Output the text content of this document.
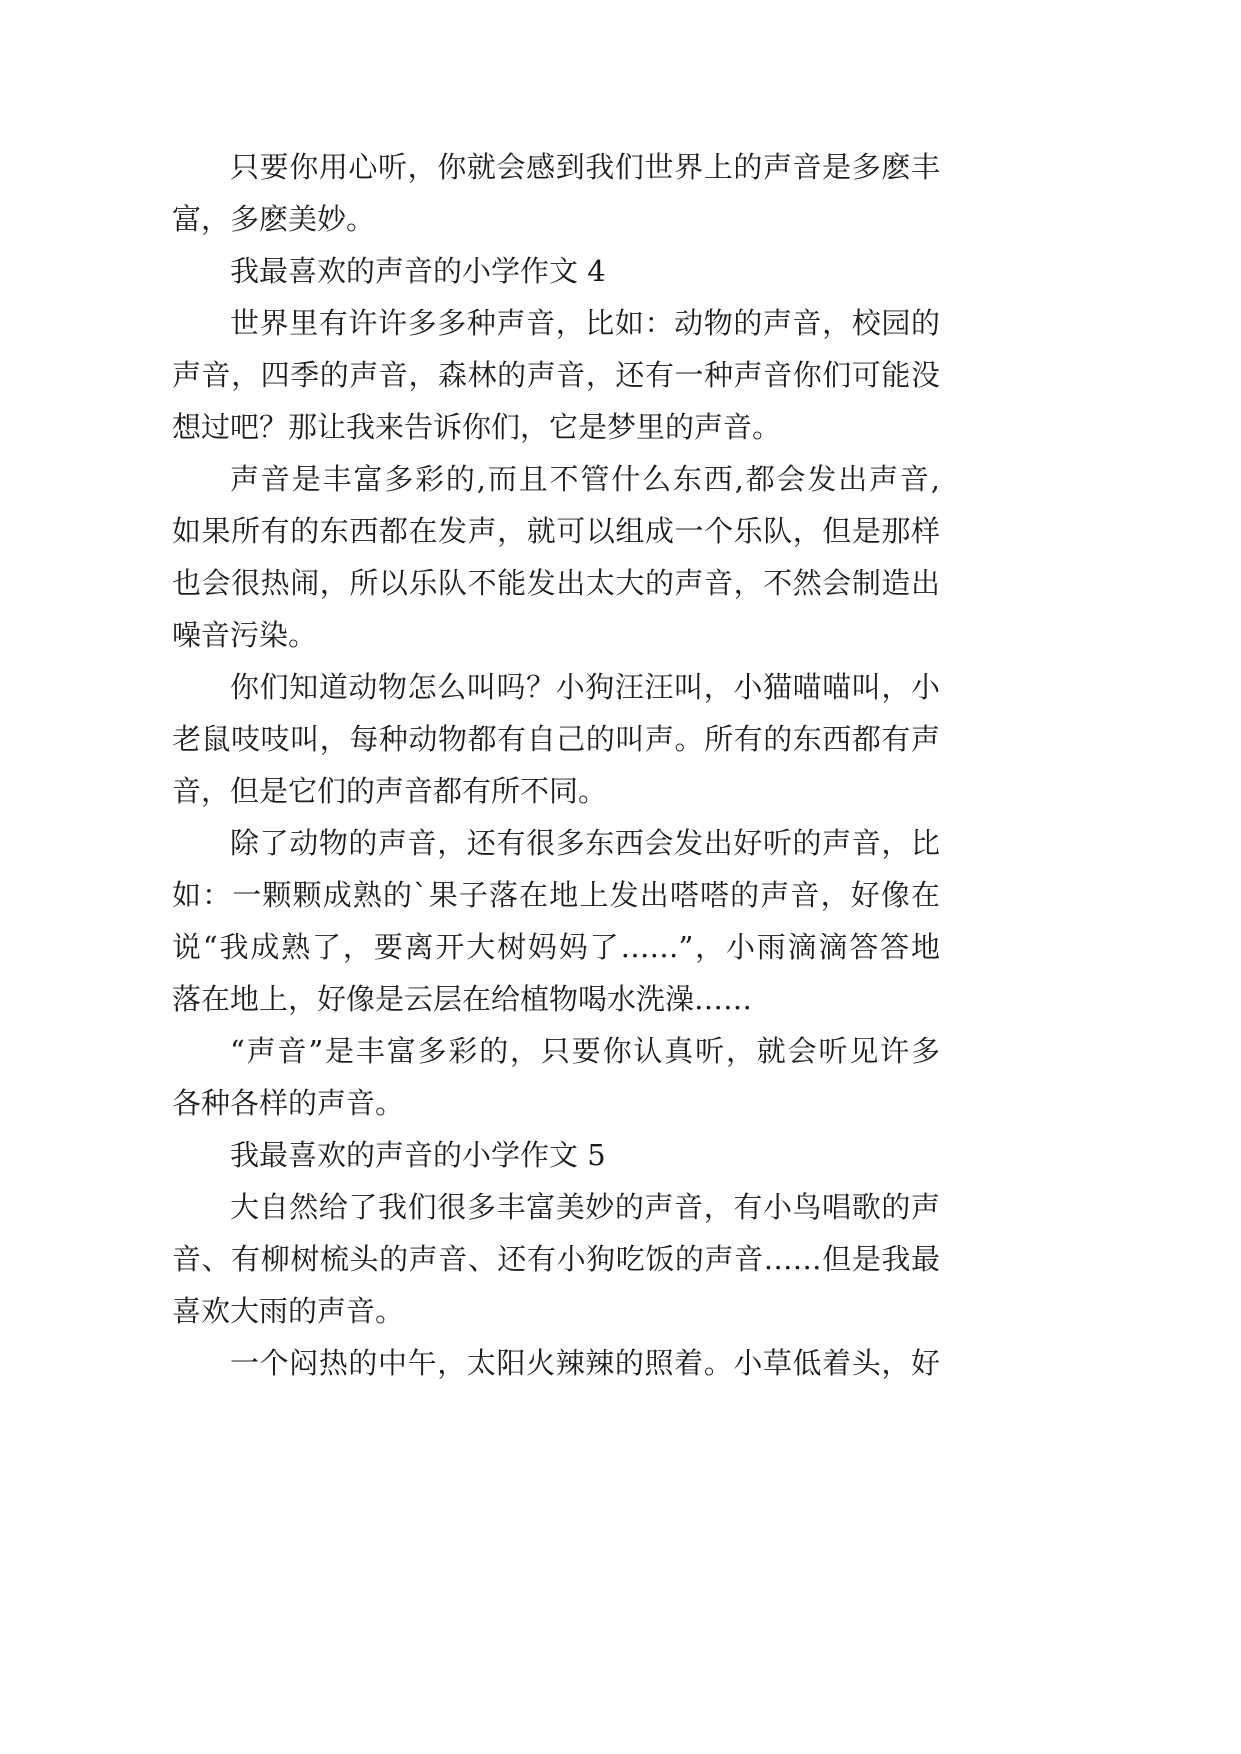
只要你用心听，你就会感到我们世界上的声音是多麽丰
富，多麽美妙。
我最喜欢的声音的小学作文 4
世界里有许许多多种声音，比如：动物的声音，校园的
声音，四季的声音，森林的声音，还有一种声音你们可能没
想过吧？那让我来告诉你们，它是梦里的声音。
声音是丰富多彩的,而且不管什么东西,都会发出声音,
如果所有的东西都在发声，就可以组成一个乐队，但是那样
也会很热闹，所以乐队不能发出太大的声音，不然会制造出
噪音污染。
你们知道动物怎么叫吗？小狗汪汪叫，小猫喵喵叫，小
老鼠吱吱叫，每种动物都有自己的叫声。所有的东西都有声
音，但是它们的声音都有所不同。
除了动物的声音，还有很多东西会发出好听的声音，比
如：一颗颗成熟的`果子落在地上发出嗒嗒的声音，好像在
说“我成熟了，要离开大树妈妈了……”，小雨滴滴答答地
落在地上，好像是云层在给植物喝水洗澡……
“声音”是丰富多彩的，只要你认真听，就会听见许多
各种各样的声音。
我最喜欢的声音的小学作文 5
大自然给了我们很多丰富美妙的声音，有小鸟唱歌的声
音、有柳树梳头的声音、还有小狗吃饭的声音……但是我最
喜欢大雨的声音。
一个闷热的中午，太阳火辣辣的照着。小草低着头，好
